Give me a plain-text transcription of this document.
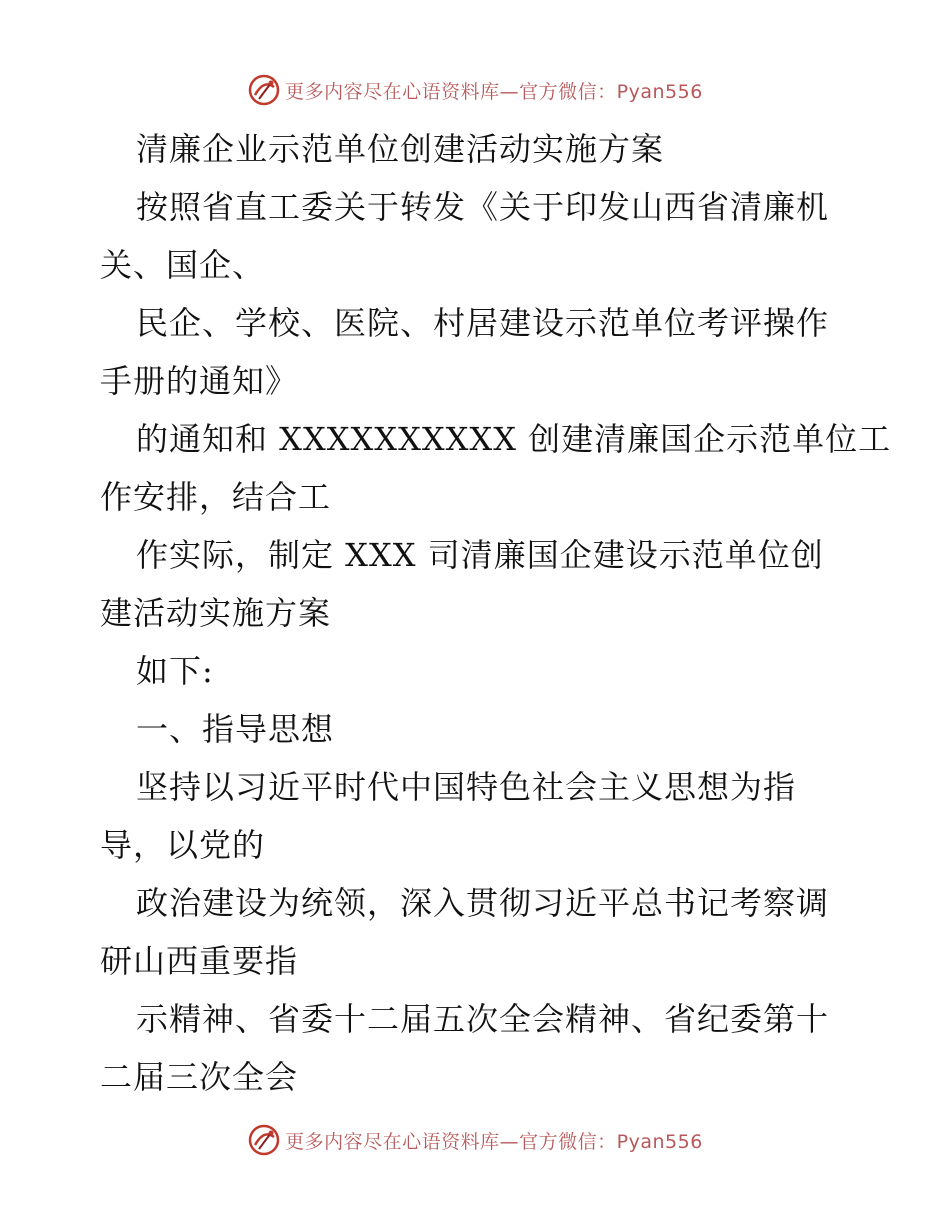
更多内容尽在心语资料库—官方微信：Pyan556
清廉企业示范单位创建活动实施方案
按照省直工委关于转发《关于印发山西省清廉机
关、国企、
民企、学校、医院、村居建设示范单位考评操作
手册的通知》
的通知和 XXXXXXXXXX 创建清廉国企示范单位工
作安排，结合工
作实际，制定 XXX 司清廉国企建设示范单位创
建活动实施方案
如下:
一、指导思想
坚持以习近平时代中国特色社会主义思想为指
导，以党的
政治建设为统领，深入贯彻习近平总书记考察调
研山西重要指
示精神、省委十二届五次全会精神、省纪委第十
二届三次全会
更多内容尽在心语资料库—官方微信：Pyan556
